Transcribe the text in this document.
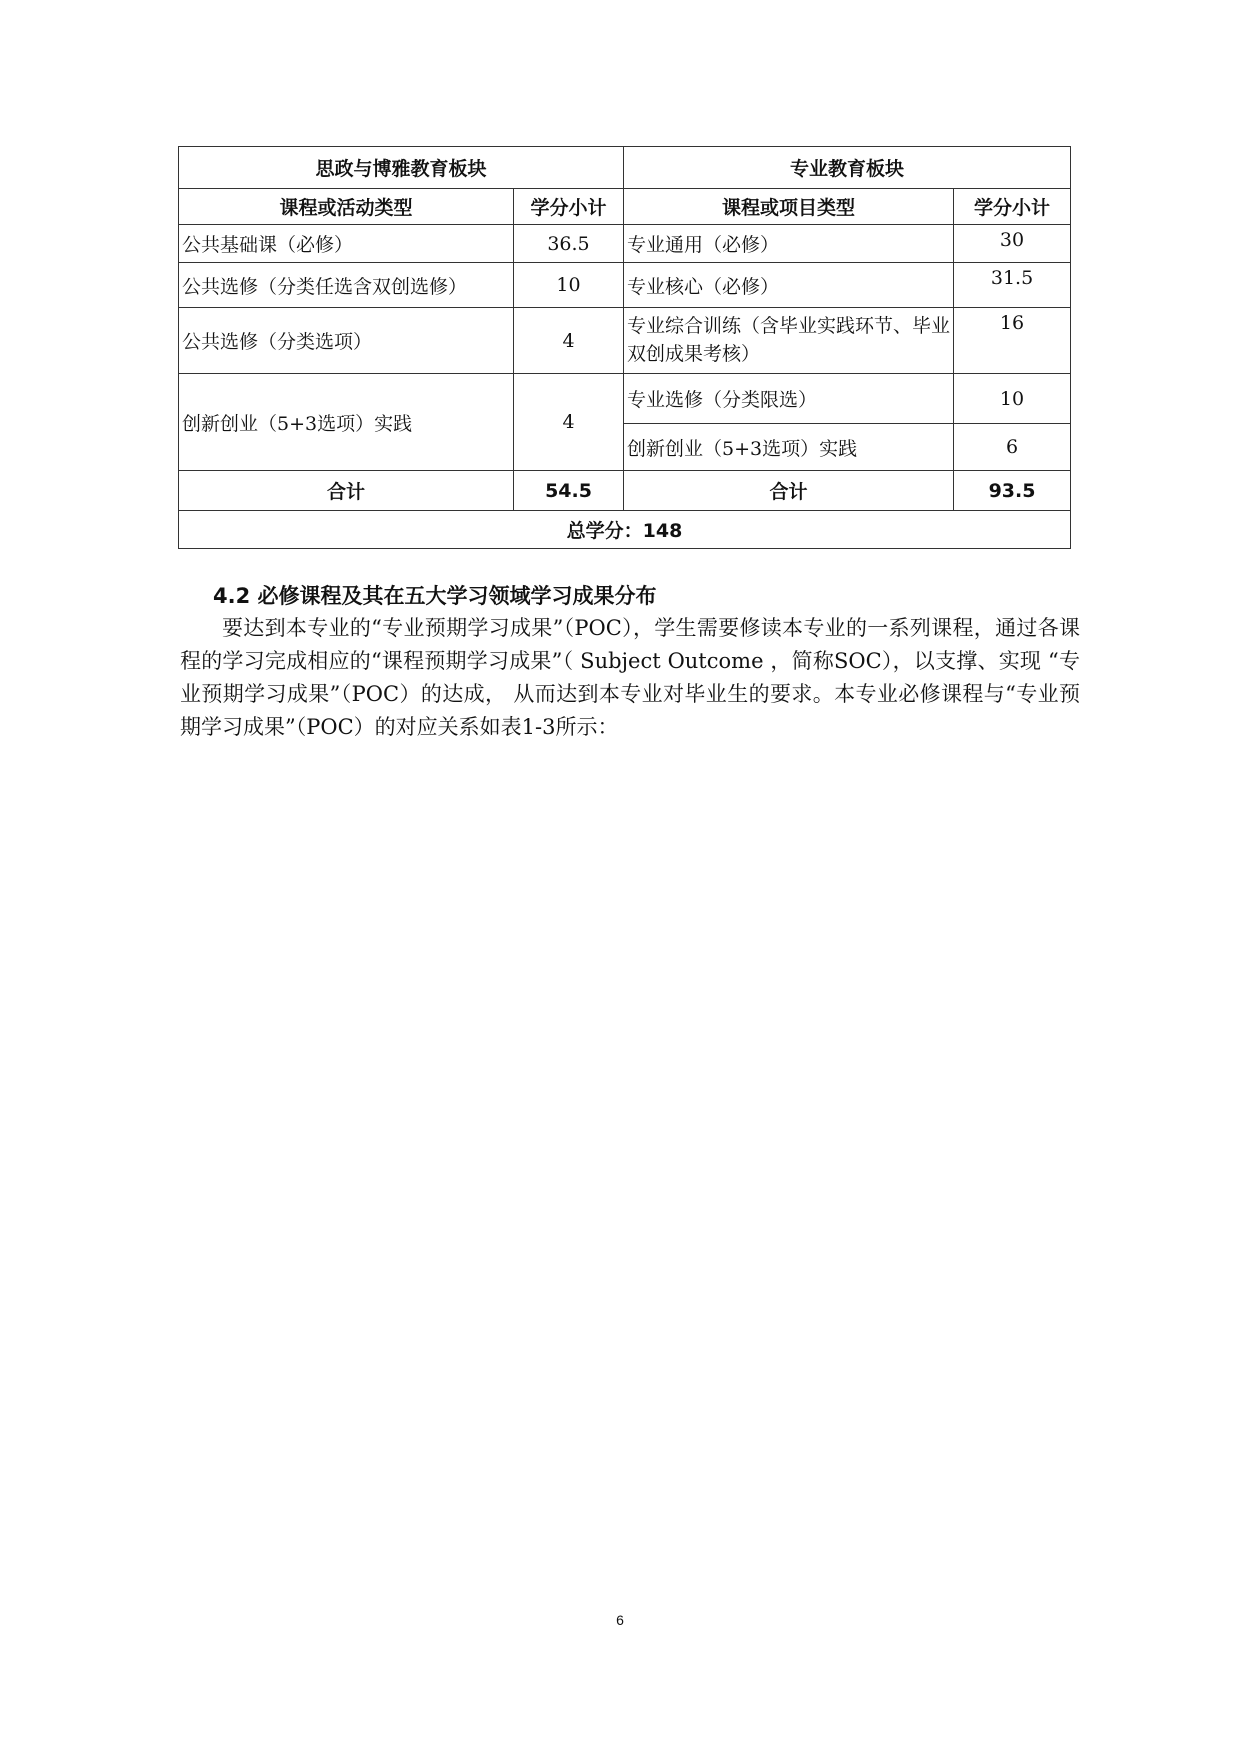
思政与博雅教育板块		专业教育板块	
课程或活动类型	学分小计	课程或项目类型	学分小计
公共基础课（必修）	36.5	专业通用（必修）	30
公共选修（分类任选含双创选修）	10	专业核心（必修）	31.5
公共选修（分类选项）	4	专业综合训练（含毕业实践环节、毕业双创成果考核）	16
创新创业（5+3选项）实践	4	专业选修（分类限选）	10
		创新创业（5+3选项）实践	6
合计	54.5	合计	93.5
总学分：148			
4.2 必修课程及其在五大学习领域学习成果分布

要达到本专业的“专业预期学习成果”（POC），学生需要修读本专业的一系列课程，通过各课程的学习完成相应的“课程预期学习成果”（ Subject Outcome ，简称SOC），以支撑、实现 “专业预期学习成果”（POC）的达成， 从而达到本专业对毕业生的要求。本专业必修课程与“专业预期学习成果”（POC）的对应关系如表1-3所示：

6
